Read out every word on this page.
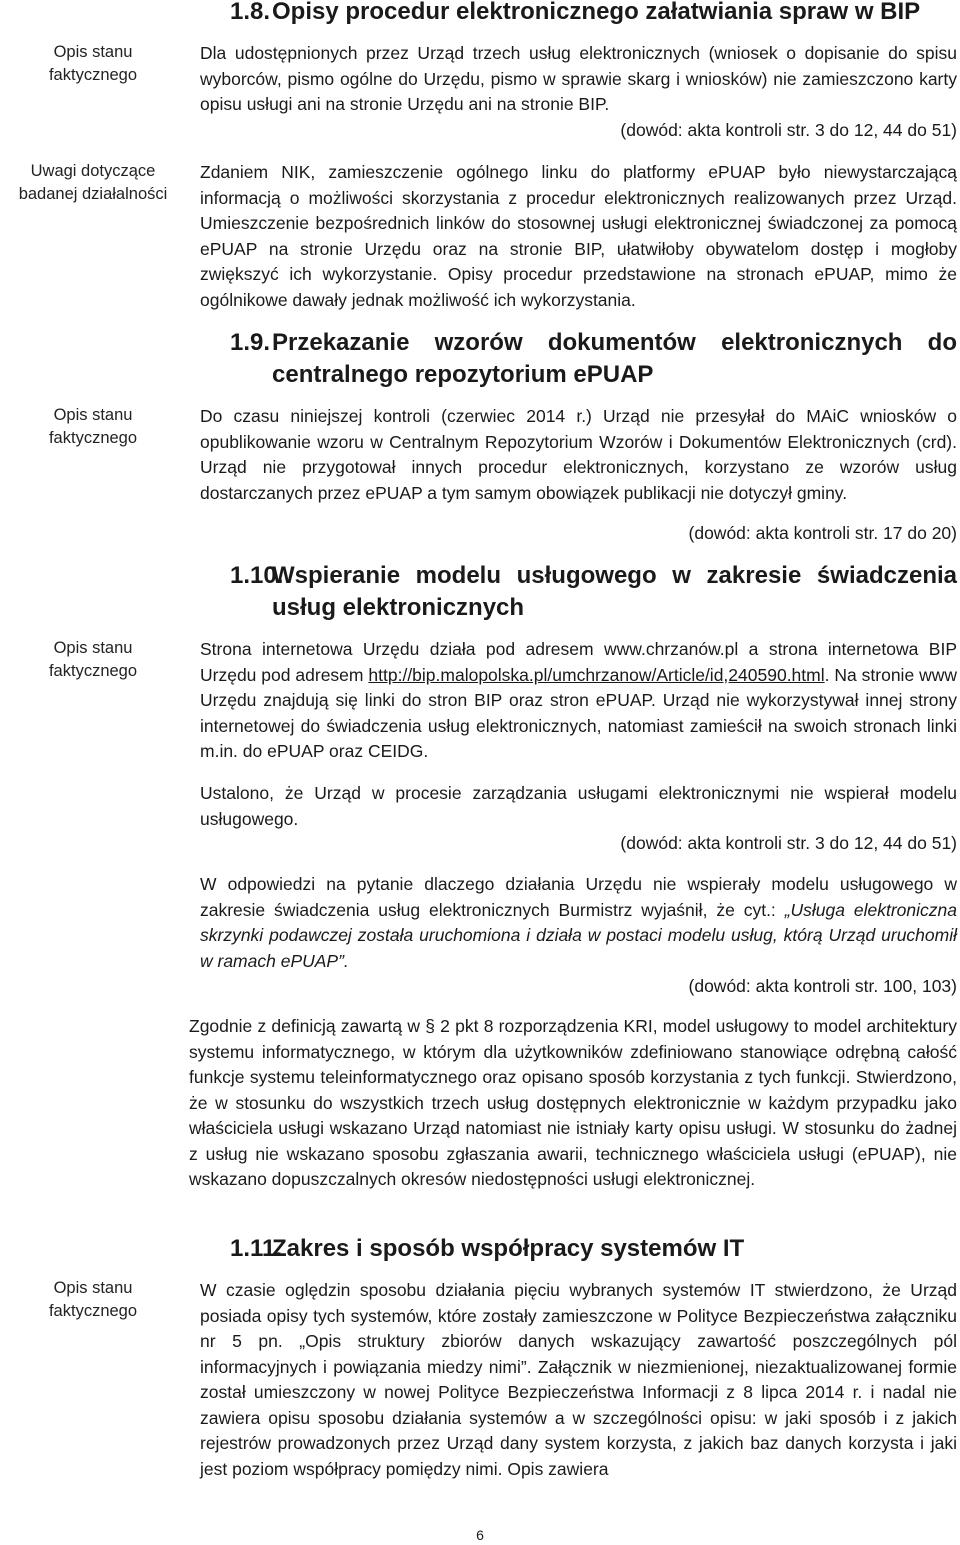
Opis stanu
faktycznego
Uwagi dotyczące
badanej działalności
Opis stanu
faktycznego
Opis stanu
faktycznego
Opis stanu
faktycznego
1.8.Opisy procedur elektronicznego załatwiania spraw w BIP

Dla udostępnionych przez Urząd trzech usług elektronicznych (wniosek o dopisanie do spisu wyborców, pismo ogólne do Urzędu, pismo w sprawie skarg i wniosków) nie zamieszczono karty opisu usługi ani na stronie Urzędu ani na stronie BIP.

(dowód: akta kontroli str. 3 do 12, 44 do 51)

Zdaniem NIK, zamieszczenie ogólnego linku do platformy ePUAP było niewystarczającą informacją o możliwości skorzystania z procedur elektronicznych realizowanych przez Urząd. Umieszczenie bezpośrednich linków do stosownej usługi elektronicznej świadczonej za pomocą ePUAP na stronie Urzędu oraz na stronie BIP, ułatwiłoby obywatelom dostęp i mogłoby zwiększyć ich wykorzystanie. Opisy procedur przedstawione na stronach ePUAP, mimo że ogólnikowe dawały jednak możliwość ich wykorzystania.

1.9. Przekazanie wzorów dokumentów elektronicznych do
centralnego repozytorium ePUAP

Do czasu niniejszej kontroli (czerwiec 2014 r.) Urząd nie przesyłał do MAiC wniosków o opublikowanie wzoru w Centralnym Repozytorium Wzorów i Dokumentów Elektronicznych (crd). Urząd nie przygotował innych procedur elektronicznych, korzystano ze wzorów usług dostarczanych przez ePUAP a tym samym obowiązek publikacji nie dotyczył gminy.

(dowód: akta kontroli str. 17 do 20)
1.10.
Wspieranie modelu usługowego w zakresie świadczenia
usług elektronicznych

Strona internetowa Urzędu działa pod adresem www.chrzanów.pl a strona internetowa BIP Urzędu pod adresem http://bip.malopolska.pl/umchrzanow/Article/id,240590.html. Na stronie www Urzędu znajdują się linki do stron BIP oraz stron ePUAP. Urząd nie wykorzystywał innej strony internetowej do świadczenia usług elektronicznych, natomiast zamieścił na swoich stronach linki m.in. do ePUAP oraz CEIDG.

Ustalono, że Urząd w procesie zarządzania usługami elektronicznymi nie wspierał modelu usługowego.

(dowód: akta kontroli str. 3 do 12, 44 do 51)

W odpowiedzi na pytanie dlaczego działania Urzędu nie wspierały modelu usługowego w zakresie świadczenia usług elektronicznych Burmistrz wyjaśnił, że cyt.: „Usługa elektroniczna skrzynki podawczej została uruchomiona i działa w postaci modelu usług, którą Urząd uruchomił w ramach ePUAP”.

(dowód: akta kontroli str. 100, 103)

Zgodnie z definicją zawartą w § 2 pkt 8 rozporządzenia KRI, model usługowy to model architektury systemu informatycznego, w którym dla użytkowników zdefiniowano stanowiące odrębną całość funkcje systemu teleinformatycznego oraz opisano sposób korzystania z tych funkcji. Stwierdzono, że w stosunku do wszystkich trzech usług dostępnych elektronicznie w każdym przypadku jako właściciela usługi wskazano Urząd natomiast nie istniały karty opisu usługi. W stosunku do żadnej z usług nie wskazano sposobu zgłaszania awarii, technicznego właściciela usługi (ePUAP), nie wskazano dopuszczalnych okresów niedostępności usługi elektronicznej.

1.11.Zakres i sposób współpracy systemów IT

W czasie oględzin sposobu działania pięciu wybranych systemów IT stwierdzono, że Urząd posiada opisy tych systemów, które zostały zamieszczone w Polityce Bezpieczeństwa załączniku nr 5 pn. „Opis struktury zbiorów danych wskazujący zawartość poszczególnych pól informacyjnych i powiązania miedzy nimi”. Załącznik w niezmienionej, niezaktualizowanej formie został umieszczony w nowej Polityce Bezpieczeństwa Informacji z 8 lipca 2014 r. i nadal nie zawiera opisu sposobu działania systemów a w szczególności opisu: w jaki sposób i z jakich rejestrów prowadzonych przez Urząd dany system korzysta, z jakich baz danych korzysta i jaki jest poziom współpracy pomiędzy nimi. Opis zawiera

6
